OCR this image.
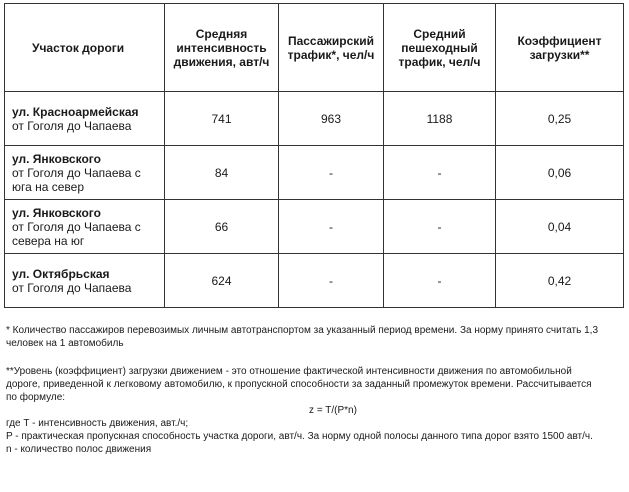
Участок дороги	Средняя интенсивность движения, авт/ч	Пассажирский трафик*, чел/ч	Средний пешеходный трафик, чел/ч	Коэффициент загрузки**

ул. Красноармейская
от Гоголя до Чапаева	741	963	1188	0,25

ул. Янковского
от Гоголя до Чапаева с юга на север	84	-	-	0,06

ул. Янковского
от Гоголя до Чапаева с севера на юг	66	-	-	0,04

ул. Октябрьская
от Гоголя до Чапаева	624	-	-	0,42

* Количество пассажиров перевозимых личным автотранспортом за указанный период времени. За норму принято считать 1,3 человек на 1 автомобиль

**Уровень (коэффициент) загрузки движением - это отношение фактической интенсивности движения по автомобильной дороге, приведенной к легковому автомобилю, к пропускной способности за заданный промежуток времени. Рассчитывается по формуле:

z = T/(P*n)

где T - интенсивность движения, авт./ч;

P - практическая пропускная способность участка дороги, авт/ч. За норму одной полосы данного типа дорог взято 1500 авт/ч.

n - количество полос движения
